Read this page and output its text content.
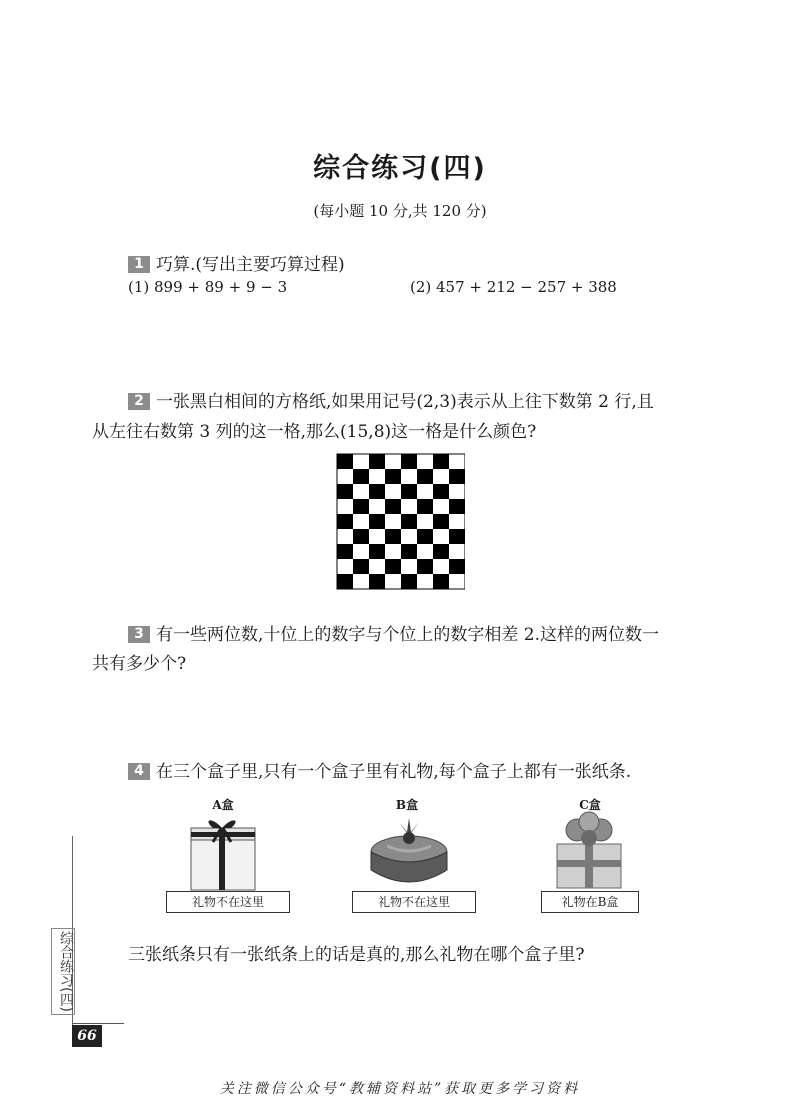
综合练习(四)
(每小题 10 分,共 120 分)
1 巧算.(写出主要巧算过程)
(1) 899 + 89 + 9 − 3	(2) 457 + 212 − 257 + 388
2 一张黑白相间的方格纸,如果用记号(2,3)表示从上往下数第 2 行,且
从左往右数第 3 列的这一格,那么(15,8)这一格是什么颜色?
3 有一些两位数,十位上的数字与个位上的数字相差 2.这样的两位数一
共有多少个?
4 在三个盒子里,只有一个盒子里有礼物,每个盒子上都有一张纸条.
A盒
礼物不在这里
B盒
礼物不在这里
C盒
礼物在B盒
三张纸条只有一张纸条上的话是真的,那么礼物在哪个盒子里?
综合练习(四)
66
关注微信公众号“教辅资料站”获取更多学习资料
